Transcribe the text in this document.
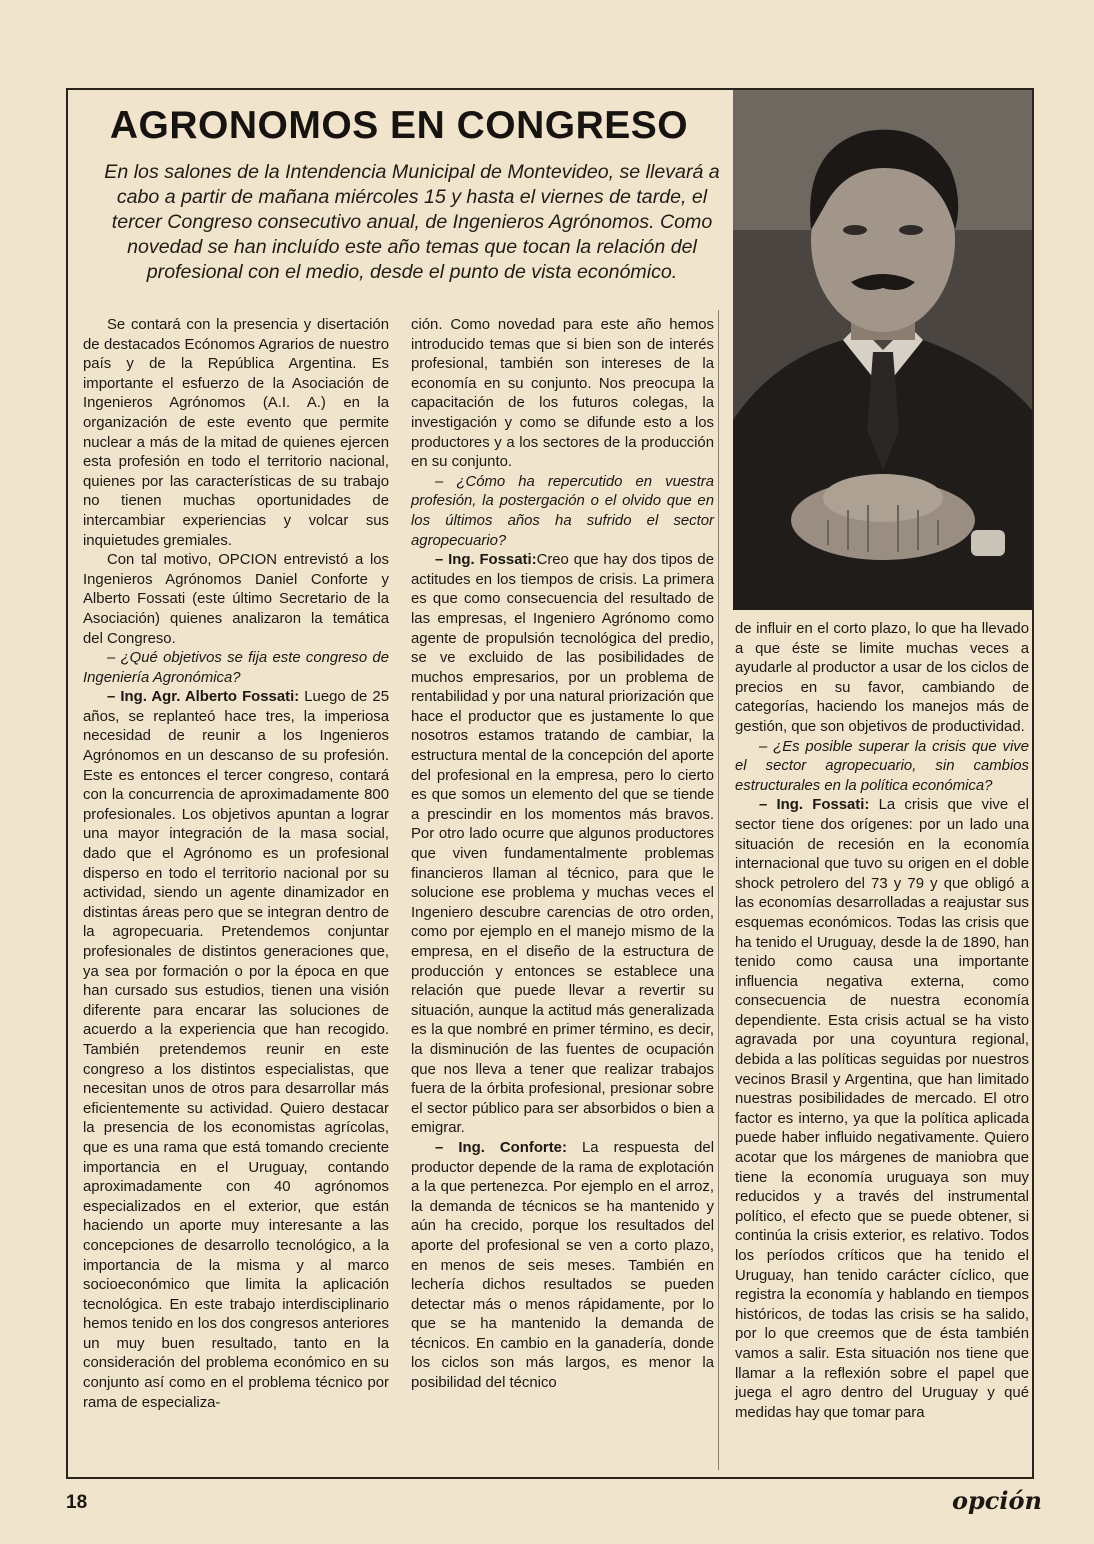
AGRONOMOS EN CONGRESO

En los salones de la Intendencia Municipal de Montevideo, se llevará a cabo a partir de mañana miércoles 15 y hasta el viernes de tarde, el tercer Congreso consecutivo anual, de Ingenieros Agrónomos. Como novedad se han incluído este año temas que tocan la relación del profesional con el medio, desde el punto de vista económico.

Se contará con la presencia y disertación de destacados Ecónomos Agrarios de nuestro país y de la República Argentina. Es importante el esfuerzo de la Asociación de Ingenieros Agrónomos (A.I. A.) en la organización de este evento que permite nuclear a más de la mitad de quienes ejercen esta profesión en todo el territorio nacional, quienes por las características de su trabajo no tienen muchas oportunidades de intercambiar experiencias y volcar sus inquietudes gremiales.

Con tal motivo, OPCION entrevistó a los Ingenieros Agrónomos Daniel Conforte y Alberto Fossati (este último Secretario de la Asociación) quienes analizaron la temática del Congreso.

– ¿Qué objetivos se fija este congreso de Ingeniería Agronómica?

– Ing. Agr. Alberto Fossati: Luego de 25 años, se replanteó hace tres, la imperiosa necesidad de reunir a los Ingenieros Agrónomos en un descanso de su profesión. Este es entonces el tercer congreso, contará con la concurrencia de aproximadamente 800 profesionales. Los objetivos apuntan a lograr una mayor integración de la masa social, dado que el Agrónomo es un profesional disperso en todo el territorio nacional por su actividad, siendo un agente dinamizador en distintas áreas pero que se integran dentro de la agropecuaria. Pretendemos conjuntar profesionales de distintos generaciones que, ya sea por formación o por la época en que han cursado sus estudios, tienen una visión diferente para encarar las soluciones de acuerdo a la experiencia que han recogido. También pretendemos reunir en este congreso a los distintos especialistas, que necesitan unos de otros para desarrollar más eficientemente su actividad. Quiero destacar la presencia de los economistas agrícolas, que es una rama que está tomando creciente importancia en el Uruguay, contando aproximadamente con 40 agrónomos especializados en el exterior, que están haciendo un aporte muy interesante a las concepciones de desarrollo tecnológico, a la importancia de la misma y al marco socioeconómico que limita la aplicación tecnológica. En este trabajo interdisciplinario hemos tenido en los dos congresos anteriores un muy buen resultado, tanto en la consideración del problema económico en su conjunto así como en el problema técnico por rama de especializa-

ción. Como novedad para este año hemos introducido temas que si bien son de interés profesional, también son intereses de la economía en su conjunto. Nos preocupa la capacitación de los futuros colegas, la investigación y como se difunde esto a los productores y a los sectores de la producción en su conjunto.

– ¿Cómo ha repercutido en vuestra profesión, la postergación o el olvido que en los últimos años ha sufrido el sector agropecuario?

– Ing. Fossati:Creo que hay dos tipos de actitudes en los tiempos de crisis. La primera es que como consecuencia del resultado de las empresas, el Ingeniero Agrónomo como agente de propulsión tecnológica del predio, se ve excluido de las posibilidades de muchos empresarios, por un problema de rentabilidad y por una natural priorización que hace el productor que es justamente lo que nosotros estamos tratando de cambiar, la estructura mental de la concepción del aporte del profesional en la empresa, pero lo cierto es que somos un elemento del que se tiende a prescindir en los momentos más bravos. Por otro lado ocurre que algunos productores que viven fundamentalmente problemas financieros llaman al técnico, para que le solucione ese problema y muchas veces el Ingeniero descubre carencias de otro orden, como por ejemplo en el manejo mismo de la empresa, en el diseño de la estructura de producción y entonces se establece una relación que puede llevar a revertir su situación, aunque la actitud más generalizada es la que nombré en primer término, es decir, la disminución de las fuentes de ocupación que nos lleva a tener que realizar trabajos fuera de la órbita profesional, presionar sobre el sector público para ser absorbidos o bien a emigrar.

– Ing. Conforte: La respuesta del productor depende de la rama de explotación a la que pertenezca. Por ejemplo en el arroz, la demanda de técnicos se ha mantenido y aún ha crecido, porque los resultados del aporte del profesional se ven a corto plazo, en menos de seis meses. También en lechería dichos resultados se pueden detectar más o menos rápidamente, por lo que se ha mantenido la demanda de técnicos. En cambio en la ganadería, donde los ciclos son más largos, es menor la posibilidad del técnico

de influir en el corto plazo, lo que ha llevado a que éste se limite muchas veces a ayudarle al productor a usar de los ciclos de precios en su favor, cambiando de categorías, haciendo los manejos más de gestión, que son objetivos de productividad.

– ¿Es posible superar la crisis que vive el sector agropecuario, sin cambios estructurales en la política económica?

– Ing. Fossati: La crisis que vive el sector tiene dos orígenes: por un lado una situación de recesión en la economía internacional que tuvo su origen en el doble shock petrolero del 73 y 79 y que obligó a las economías desarrolladas a reajustar sus esquemas económicos. Todas las crisis que ha tenido el Uruguay, desde la de 1890, han tenido como causa una importante influencia negativa externa, como consecuencia de nuestra economía dependiente. Esta crisis actual se ha visto agravada por una coyuntura regional, debida a las políticas seguidas por nuestros vecinos Brasil y Argentina, que han limitado nuestras posibilidades de mercado. El otro factor es interno, ya que la política aplicada puede haber influido negativamente. Quiero acotar que los márgenes de maniobra que tiene la economía uruguaya son muy reducidos y a través del instrumental político, el efecto que se puede obtener, si continúa la crisis exterior, es relativo. Todos los períodos críticos que ha tenido el Uruguay, han tenido carácter cíclico, que registra la economía y hablando en tiempos históricos, de todas las crisis se ha salido, por lo que creemos que de ésta también vamos a salir. Esta situación nos tiene que llamar a la reflexión sobre el papel que juega el agro dentro del Uruguay y qué medidas hay que tomar para

18	opción
